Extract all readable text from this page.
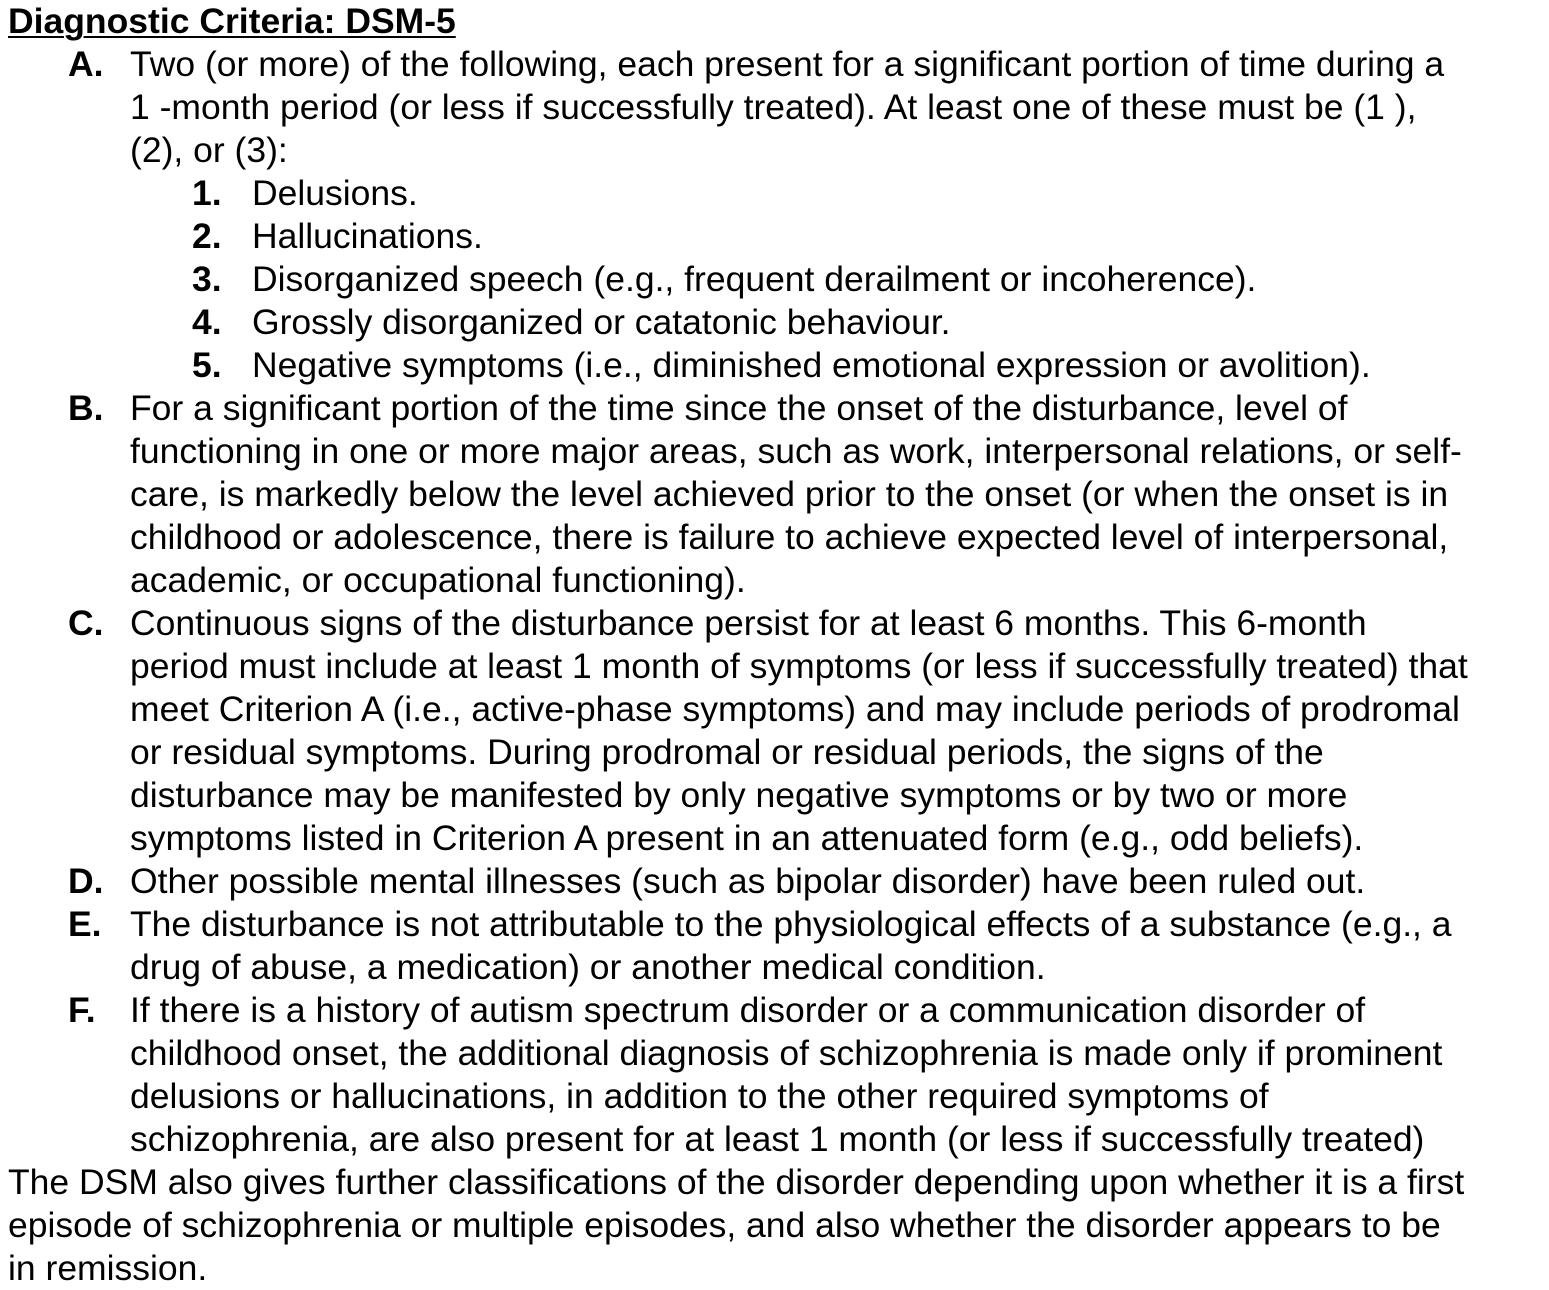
Diagnostic Criteria: DSM-5
A. Two (or more) of the following, each present for a significant portion of time during a
1 -month period (or less if successfully treated). At least one of these must be (1 ),
(2), or (3):
1. Delusions.
2. Hallucinations.
3. Disorganized speech (e.g., frequent derailment or incoherence).
4. Grossly disorganized or catatonic behaviour.
5. Negative symptoms (i.e., diminished emotional expression or avolition).
B. For a significant portion of the time since the onset of the disturbance, level of
functioning in one or more major areas, such as work, interpersonal relations, or self-
care, is markedly below the level achieved prior to the onset (or when the onset is in
childhood or adolescence, there is failure to achieve expected level of interpersonal,
academic, or occupational functioning).
C. Continuous signs of the disturbance persist for at least 6 months. This 6-month
period must include at least 1 month of symptoms (or less if successfully treated) that
meet Criterion A (i.e., active-phase symptoms) and may include periods of prodromal
or residual symptoms. During prodromal or residual periods, the signs of the
disturbance may be manifested by only negative symptoms or by two or more
symptoms listed in Criterion A present in an attenuated form (e.g., odd beliefs).
D. Other possible mental illnesses (such as bipolar disorder) have been ruled out.
E. The disturbance is not attributable to the physiological effects of a substance (e.g., a
drug of abuse, a medication) or another medical condition.
F. If there is a history of autism spectrum disorder or a communication disorder of
childhood onset, the additional diagnosis of schizophrenia is made only if prominent
delusions or hallucinations, in addition to the other required symptoms of
schizophrenia, are also present for at least 1 month (or less if successfully treated)
The DSM also gives further classifications of the disorder depending upon whether it is a first
episode of schizophrenia or multiple episodes, and also whether the disorder appears to be
in remission.
